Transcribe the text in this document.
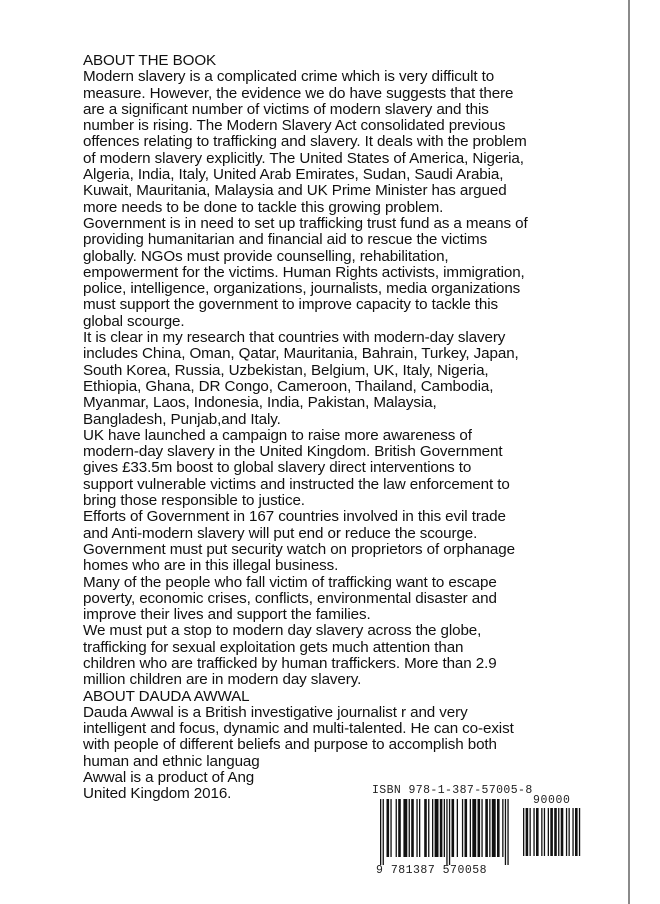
ABOUT THE BOOK
Modern slavery is a complicated crime which is very difficult to
measure. However, the evidence we do have suggests that there
are a significant number of victims of modern slavery and this
number is rising. The Modern Slavery Act consolidated previous
offences relating to trafficking and slavery. It deals with the problem
of modern slavery explicitly. The United States of America, Nigeria,
Algeria, India, Italy, United Arab Emirates, Sudan, Saudi Arabia,
Kuwait, Mauritania, Malaysia and UK Prime Minister has argued
more needs to be done to tackle this growing problem.
Government is in need to set up trafficking trust fund as a means of
providing humanitarian and financial aid to rescue the victims
globally. NGOs must provide counselling, rehabilitation,
empowerment for the victims. Human Rights activists, immigration,
police, intelligence, organizations, journalists, media organizations
must support the government to improve capacity to tackle this
global scourge.
It is clear in my research that countries with modern-day slavery
includes China, Oman, Qatar, Mauritania, Bahrain, Turkey, Japan,
South Korea, Russia, Uzbekistan, Belgium, UK, Italy, Nigeria,
Ethiopia, Ghana, DR Congo, Cameroon, Thailand, Cambodia,
Myanmar, Laos, Indonesia, India, Pakistan, Malaysia,
Bangladesh, Punjab,and Italy.
UK have launched a campaign to raise more awareness of
modern-day slavery in the United Kingdom. British Government
gives £33.5m boost to global slavery direct interventions to
support vulnerable victims and instructed the law enforcement to
bring those responsible to justice.
Efforts of Government in 167 countries involved in this evil trade
and Anti-modern slavery will put end or reduce the scourge.
Government must put security watch on proprietors of orphanage
homes who are in this illegal business.
Many of the people who fall victim of trafficking want to escape
poverty, economic crises, conflicts, environmental disaster and
improve their lives and support the families.
We must put a stop to modern day slavery across the globe,
trafficking for sexual exploitation gets much attention than
children who are trafficked by human traffickers. More than 2.9
million children are in modern day slavery.
ABOUT DAUDA AWWAL
Dauda Awwal is a British investigative journalist r and very
intelligent and focus, dynamic and multi-talented. He can co-exist
with people of different beliefs and purpose to accomplish both
human and ethnic languag
Awwal is a product of Ang
United Kingdom 2016.	ISBN 978-1-387-57005-8
90000
9 781387 570058
